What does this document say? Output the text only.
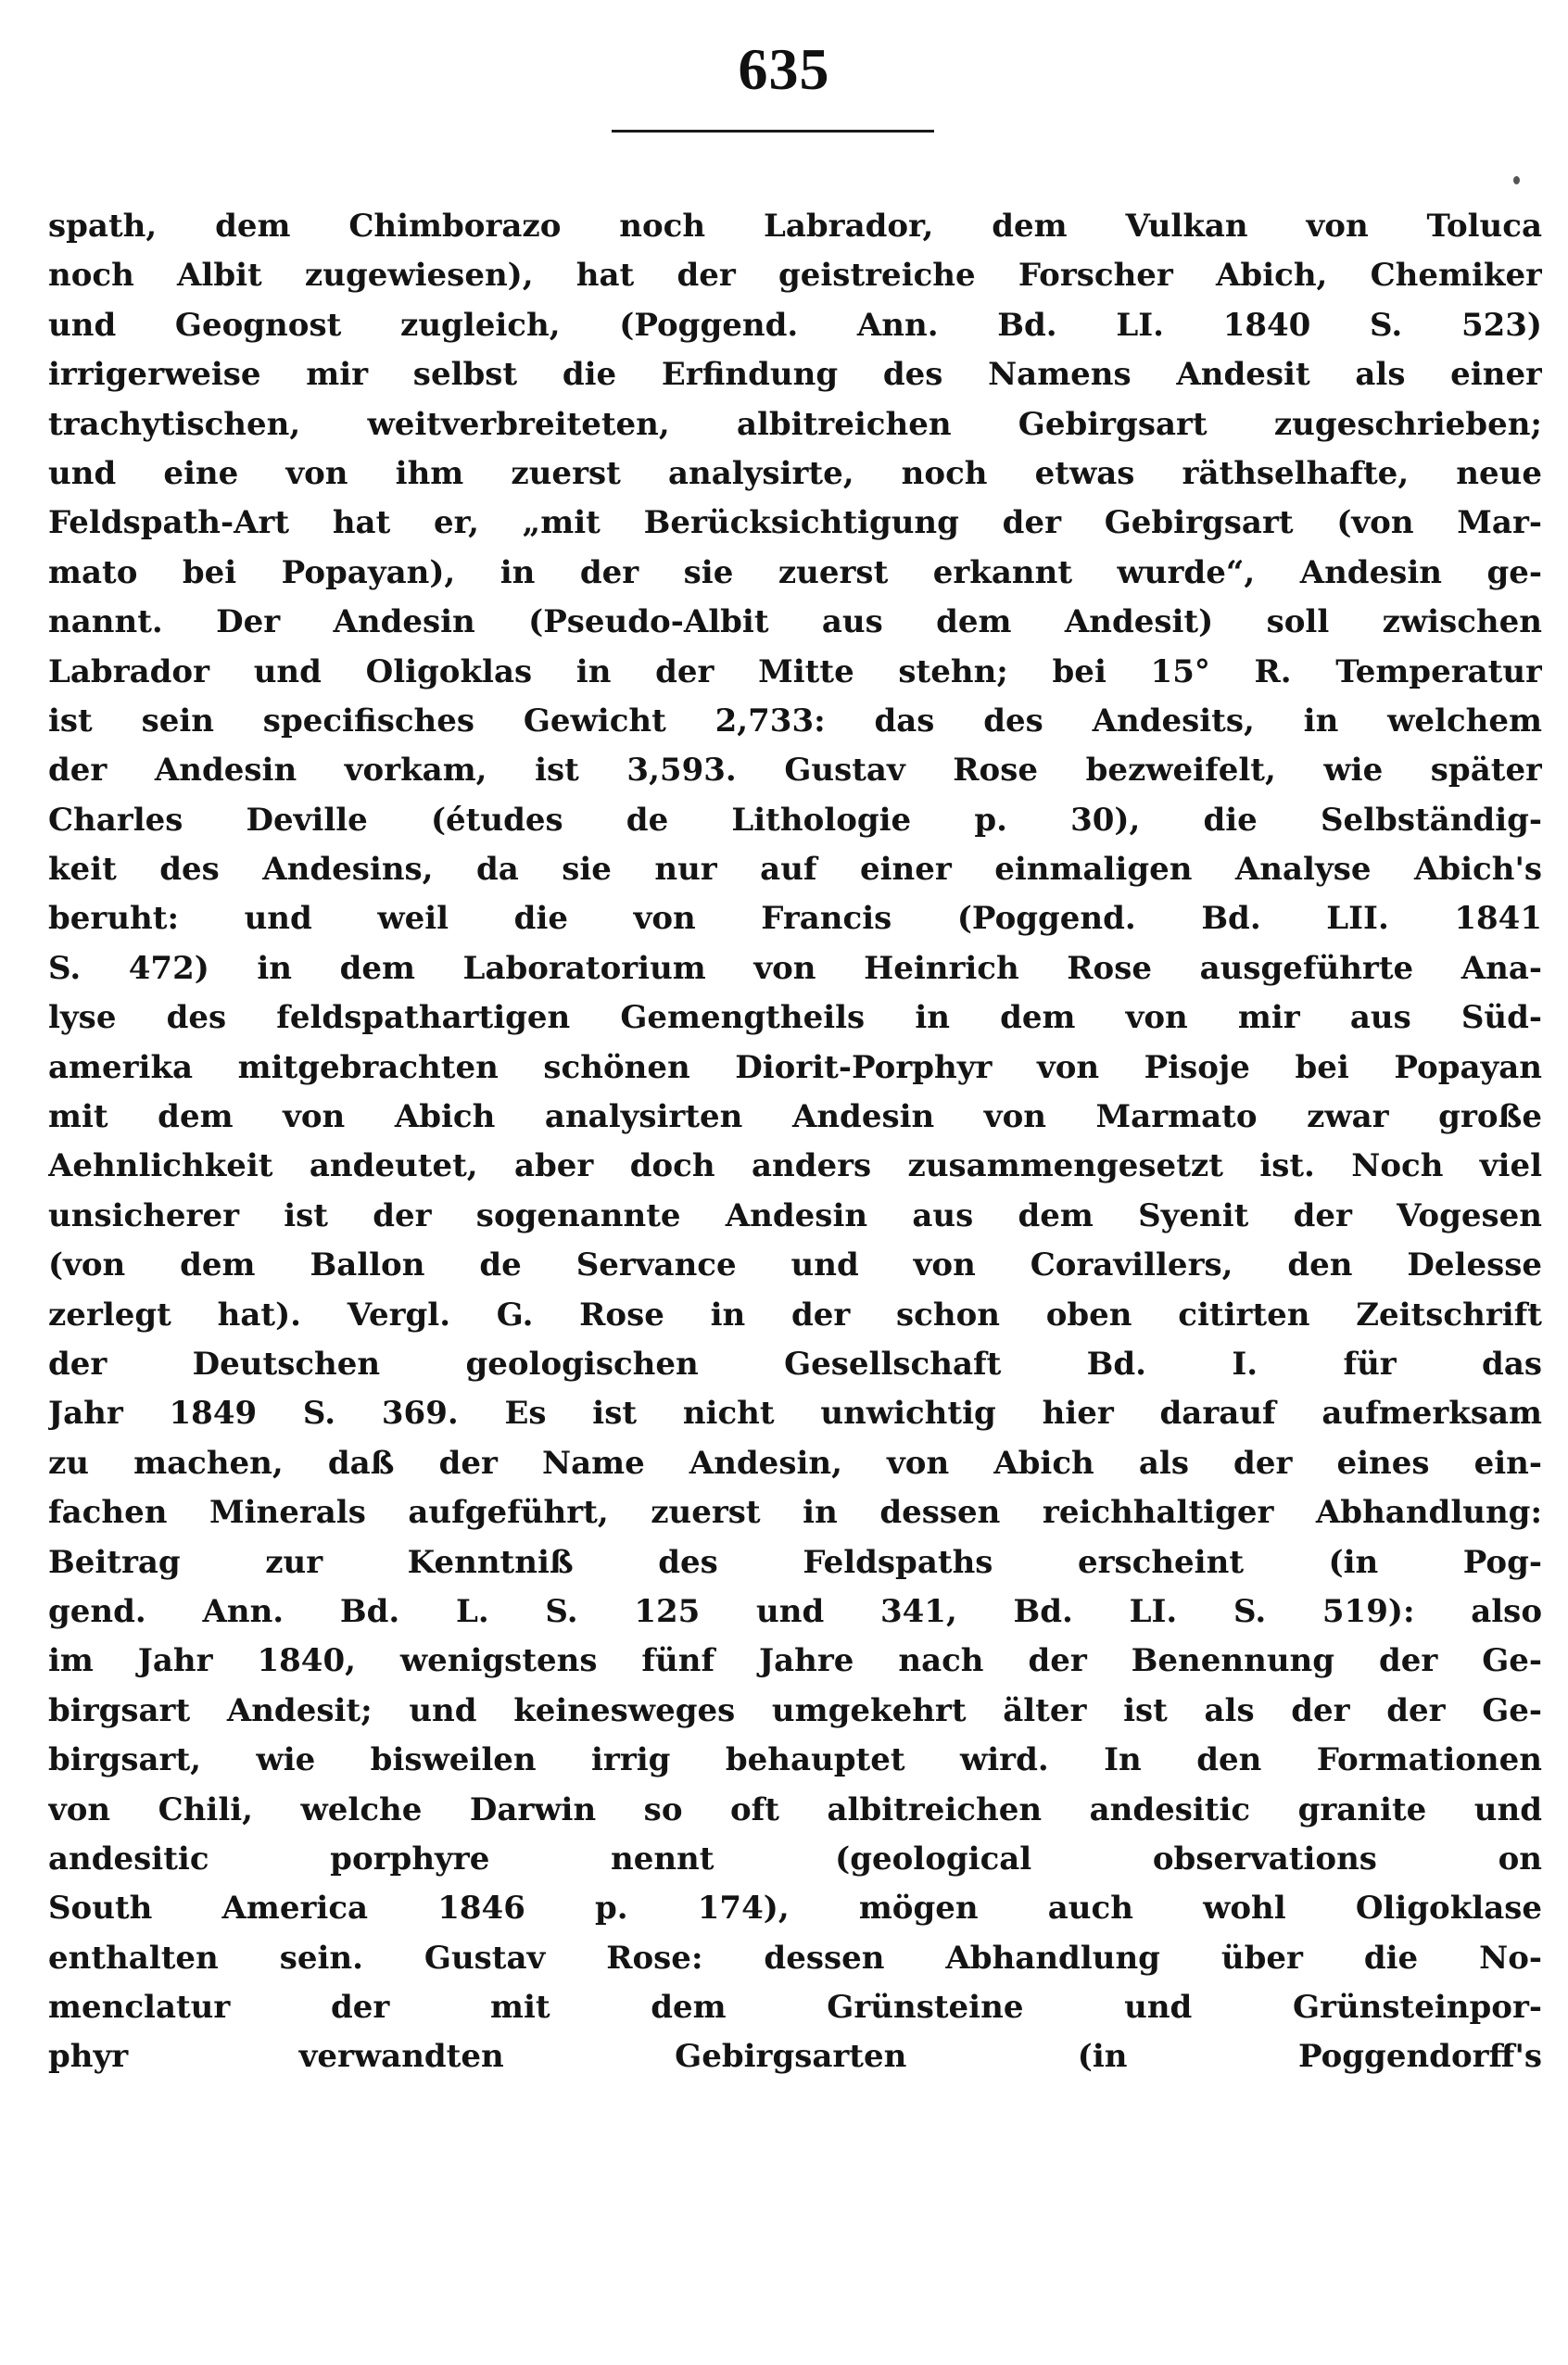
635
spath, dem Chimborazo noch Labrador, dem Vulkan von Toluca
noch Albit zugewiesen), hat der geistreiche Forscher Abich, Chemiker
und Geognost zugleich, (Poggend. Ann. Bd. LI. 1840 S. 523)
irrigerweise mir selbst die Erfindung des Namens Andesit als einer
trachytischen, weitverbreiteten, albitreichen Gebirgsart zugeschrieben;
und eine von ihm zuerst analysirte, noch etwas räthselhafte, neue
Feldspath-Art hat er, „mit Berücksichtigung der Gebirgsart (von Mar-
mato bei Popayan), in der sie zuerst erkannt wurde“, Andesin ge-
nannt. Der Andesin (Pseudo-Albit aus dem Andesit) soll zwischen
Labrador und Oligoklas in der Mitte stehn; bei 15° R. Temperatur
ist sein specifisches Gewicht 2,733: das des Andesits, in welchem
der Andesin vorkam, ist 3,593. Gustav Rose bezweifelt, wie später
Charles Deville (études de Lithologie p. 30), die Selbständig-
keit des Andesins, da sie nur auf einer einmaligen Analyse Abich's
beruht: und weil die von Francis (Poggend. Bd. LII. 1841
S. 472) in dem Laboratorium von Heinrich Rose ausgeführte Ana-
lyse des feldspathartigen Gemengtheils in dem von mir aus Süd-
amerika mitgebrachten schönen Diorit-Porphyr von Pisoje bei Popayan
mit dem von Abich analysirten Andesin von Marmato zwar große
Aehnlichkeit andeutet, aber doch anders zusammengesetzt ist. Noch viel
unsicherer ist der sogenannte Andesin aus dem Syenit der Vogesen
(von dem Ballon de Servance und von Coravillers, den Delesse
zerlegt hat). Vergl. G. Rose in der schon oben citirten Zeitschrift
der Deutschen geologischen Gesellschaft Bd. I. für das
Jahr 1849 S. 369. Es ist nicht unwichtig hier darauf aufmerksam
zu machen, daß der Name Andesin, von Abich als der eines ein-
fachen Minerals aufgeführt, zuerst in dessen reichhaltiger Abhandlung:
Beitrag zur Kenntniß des Feldspaths erscheint (in Pog-
gend. Ann. Bd. L. S. 125 und 341, Bd. LI. S. 519): also
im Jahr 1840, wenigstens fünf Jahre nach der Benennung der Ge-
birgsart Andesit; und keinesweges umgekehrt älter ist als der der Ge-
birgsart, wie bisweilen irrig behauptet wird. In den Formationen
von Chili, welche Darwin so oft albitreichen andesitic granite und
andesitic porphyre nennt (geological observations on
South America 1846 p. 174), mögen auch wohl Oligoklase
enthalten sein. Gustav Rose: dessen Abhandlung über die No-
menclatur der mit dem Grünsteine und Grünsteinpor-
phyr verwandten Gebirgsarten (in Poggendorff's
